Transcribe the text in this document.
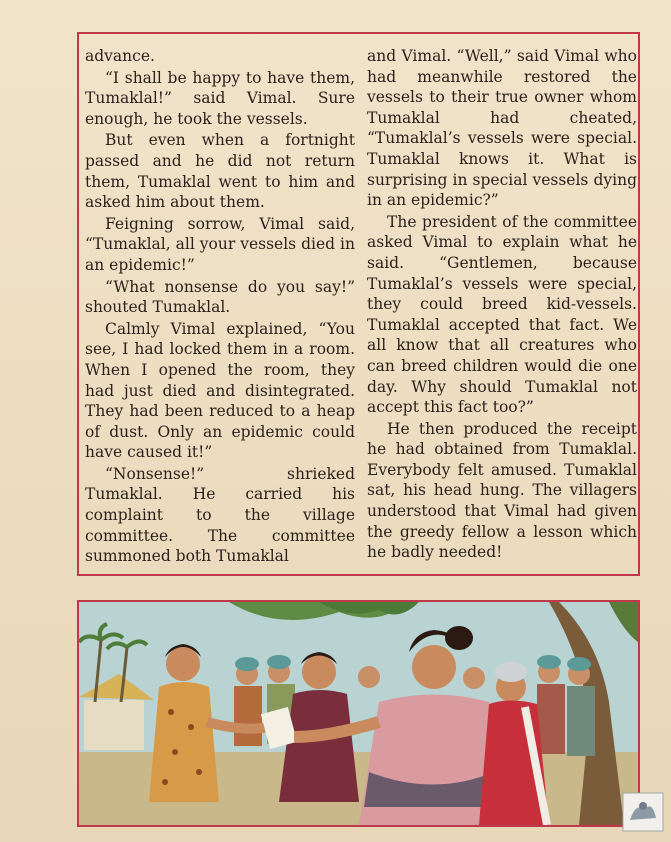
advance.

“I shall be happy to have them, Tumaklal!” said Vimal. Sure enough, he took the vessels.

But even when a fortnight passed and he did not return them, Tumaklal went to him and asked him about them.

Feigning sorrow, Vimal said, “Tumaklal, all your vessels died in an epidemic!”

“What nonsense do you say!” shouted Tumaklal.

Calmly Vimal explained, “You see, I had locked them in a room. When I opened the room, they had just died and disintegrated. They had been reduced to a heap of dust. Only an epidemic could have caused it!”

“Nonsense!” shrieked Tumaklal. He carried his complaint to the village committee. The committee summoned both Tumaklal

and Vimal. “Well,” said Vimal who had meanwhile restored the vessels to their true owner whom Tumaklal had cheated, “Tumaklal’s vessels were special. Tumaklal knows it. What is surprising in special vessels dying in an epidemic?”

The president of the committee asked Vimal to explain what he said. “Gentlemen, because Tumaklal’s vessels were special, they could breed kid-vessels. Tumaklal accepted that fact. We all know that all creatures who can breed children would die one day. Why should Tumaklal not accept this fact too?”

He then produced the receipt he had obtained from Tumaklal. Everybody felt amused. Tumaklal sat, his head hung. The villagers understood that Vimal had given the greedy fellow a lesson which he badly needed!
